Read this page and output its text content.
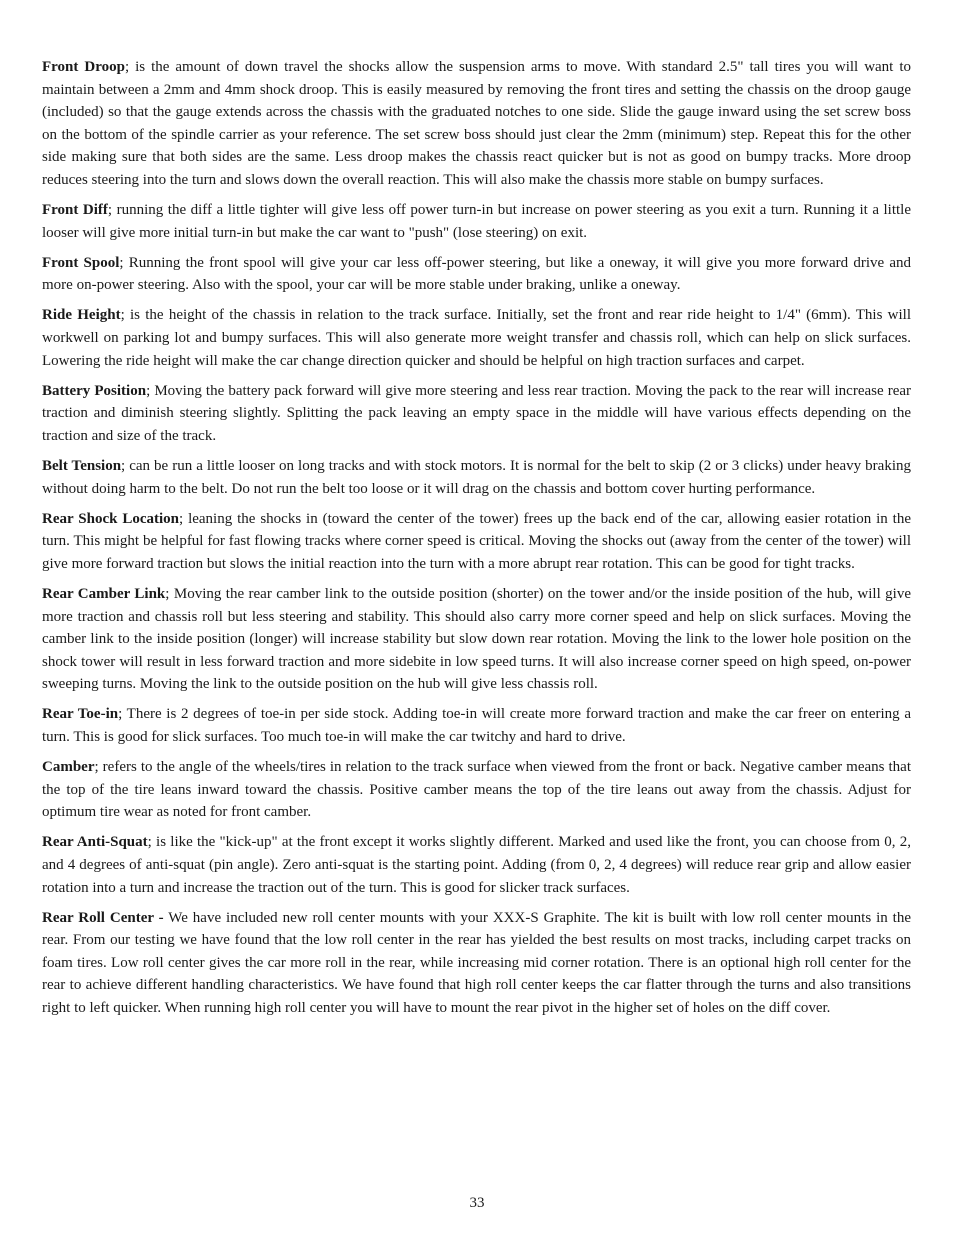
Front Droop; is the amount of down travel the shocks allow the suspension arms to move. With standard 2.5" tall tires you will want to maintain between a 2mm and 4mm shock droop. This is easily measured by removing the front tires and setting the chassis on the droop gauge (included) so that the gauge extends across the chassis with the graduated notches to one side. Slide the gauge inward using the set screw boss on the bottom of the spindle carrier as your reference. The set screw boss should just clear the 2mm (minimum) step. Repeat this for the other side making sure that both sides are the same. Less droop makes the chassis react quicker but is not as good on bumpy tracks. More droop reduces steering into the turn and slows down the overall reaction. This will also make the chassis more stable on bumpy surfaces.

Front Diff; running the diff a little tighter will give less off power turn-in but increase on power steering as you exit a turn. Running it a little looser will give more initial turn-in but make the car want to "push" (lose steering) on exit.

Front Spool; Running the front spool will give your car less off-power steering, but like a oneway, it will give you more forward drive and more on-power steering. Also with the spool, your car will be more stable under braking, unlike a oneway.

Ride Height; is the height of the chassis in relation to the track surface. Initially, set the front and rear ride height to 1/4" (6mm). This will workwell on parking lot and bumpy surfaces. This will also generate more weight transfer and chassis roll, which can help on slick surfaces. Lowering the ride height will make the car change direction quicker and should be helpful on high traction surfaces and carpet.

Battery Position; Moving the battery pack forward will give more steering and less rear traction. Moving the pack to the rear will increase rear traction and diminish steering slightly. Splitting the pack leaving an empty space in the middle will have various effects depending on the traction and size of the track.

Belt Tension; can be run a little looser on long tracks and with stock motors. It is normal for the belt to skip (2 or 3 clicks) under heavy braking without doing harm to the belt. Do not run the belt too loose or it will drag on the chassis and bottom cover hurting performance.

Rear Shock Location; leaning the shocks in (toward the center of the tower) frees up the back end of the car, allowing easier rotation in the turn. This might be helpful for fast flowing tracks where corner speed is critical. Moving the shocks out (away from the center of the tower) will give more forward traction but slows the initial reaction into the turn with a more abrupt rear rotation. This can be good for tight tracks.

Rear Camber Link; Moving the rear camber link to the outside position (shorter) on the tower and/or the inside position of the hub, will give more traction and chassis roll but less steering and stability. This should also carry more corner speed and help on slick surfaces. Moving the camber link to the inside position (longer) will increase stability but slow down rear rotation. Moving the link to the lower hole position on the shock tower will result in less forward traction and more sidebite in low speed turns. It will also increase corner speed on high speed, on-power sweeping turns. Moving the link to the outside position on the hub will give less chassis roll.

Rear Toe-in; There is 2 degrees of toe-in per side stock. Adding toe-in will create more forward traction and make the car freer on entering a turn. This is good for slick surfaces. Too much toe-in will make the car twitchy and hard to drive.

Camber; refers to the angle of the wheels/tires in relation to the track surface when viewed from the front or back. Negative camber means that the top of the tire leans inward toward the chassis. Positive camber means the top of the tire leans out away from the chassis. Adjust for optimum tire wear as noted for front camber.

Rear Anti-Squat; is like the "kick-up" at the front except it works slightly different. Marked and used like the front, you can choose from 0, 2, and 4 degrees of anti-squat (pin angle). Zero anti-squat is the starting point. Adding (from 0, 2, 4 degrees) will reduce rear grip and allow easier rotation into a turn and increase the traction out of the turn. This is good for slicker track surfaces.

Rear Roll Center - We have included new roll center mounts with your XXX-S Graphite. The kit is built with low roll center mounts in the rear. From our testing we have found that the low roll center in the rear has yielded the best results on most tracks, including carpet tracks on foam tires. Low roll center gives the car more roll in the rear, while increasing mid corner rotation. There is an optional high roll center for the rear to achieve different handling characteristics. We have found that high roll center keeps the car flatter through the turns and also transitions right to left quicker. When running high roll center you will have to mount the rear pivot in the higher set of holes on the diff cover.

33
